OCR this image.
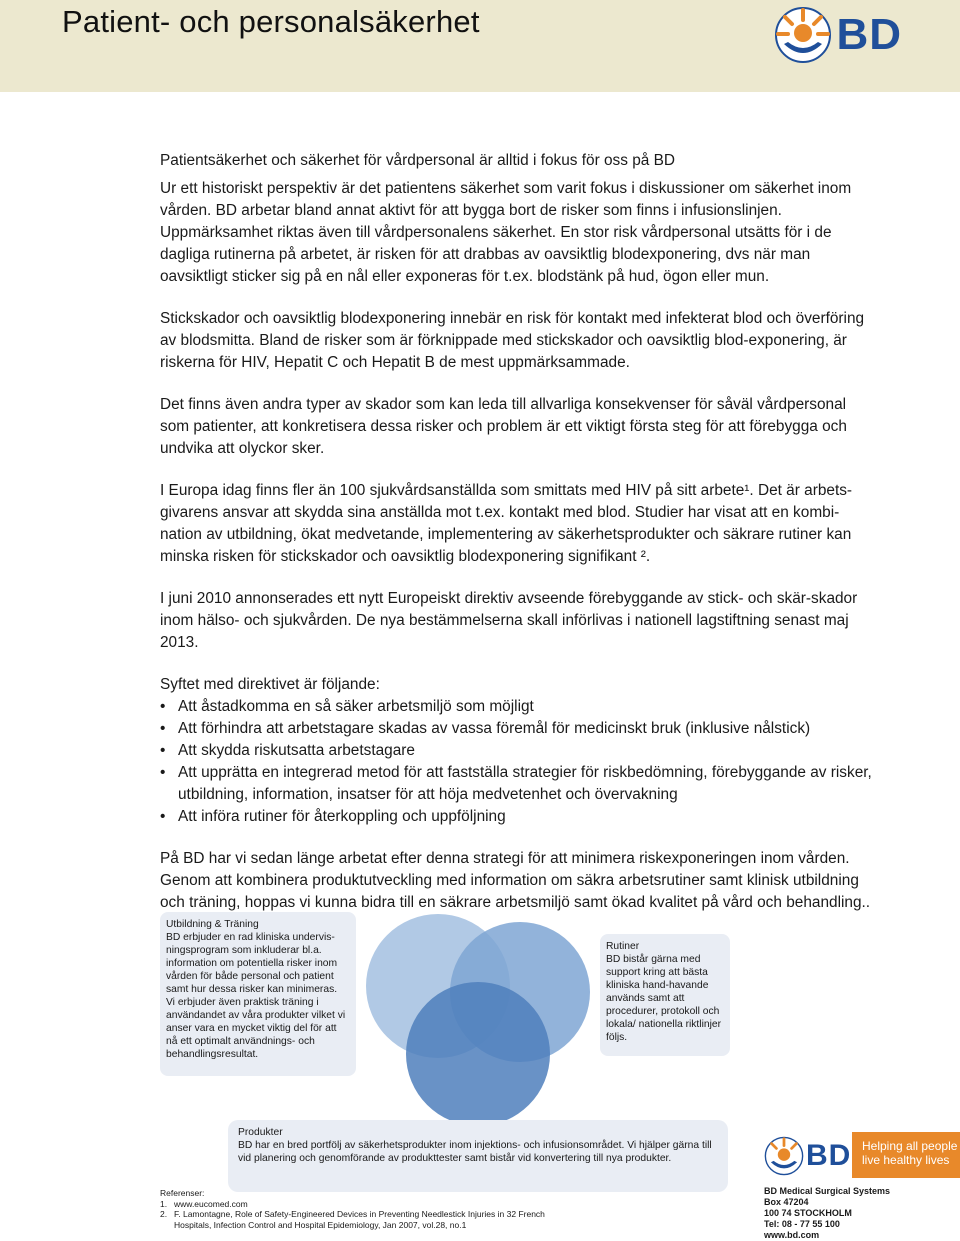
Patient- och personalsäkerhet	BD

Patientsäkerhet och säkerhet för vårdpersonal är alltid i fokus för oss på BD

Ur ett historiskt perspektiv är det patientens säkerhet som varit fokus i diskussioner om säkerhet inom vården. BD arbetar bland annat aktivt för att bygga bort de risker som finns i infusionslinjen. Uppmärksamhet riktas även till vårdpersonalens säkerhet. En stor risk vårdpersonal utsätts för i de dagliga rutinerna på arbetet, är risken för att drabbas av oavsiktlig blodexponering, dvs när man oavsiktligt sticker sig på en nål eller exponeras för t.ex. blodstänk på hud, ögon eller mun.

Stickskador och oavsiktlig blodexponering innebär en risk för kontakt med infekterat blod och överföring av blodsmitta. Bland de risker som är förknippade med stickskador och oavsiktlig blod-exponering, är riskerna för HIV, Hepatit C och Hepatit B de mest uppmärksammade.

Det finns även andra typer av skador som kan leda till allvarliga konsekvenser för såväl vårdpersonal som patienter, att konkretisera dessa risker och problem är ett viktigt första steg för att förebygga och undvika att olyckor sker.

I Europa idag finns fler än 100 sjukvårdsanställda som smittats med HIV på sitt arbete¹. Det är arbets-givarens ansvar att skydda sina anställda mot t.ex. kontakt med blod. Studier har visat att en kombi-nation av utbildning, ökat medvetande, implementering av säkerhetsprodukter och säkrare rutiner kan minska risken för stickskador och oavsiktlig blodexponering signifikant ².

I juni 2010 annonserades ett nytt Europeiskt direktiv avseende förebyggande av stick- och skär-skador inom hälso- och sjukvården. De nya bestämmelserna skall införlivas i nationell lagstiftning senast maj 2013.

Syftet med direktivet är följande:

• Att åstadkomma en så säker arbetsmiljö som möjligt
• Att förhindra att arbetstagare skadas av vassa föremål för medicinskt bruk (inklusive nålstick)
• Att skydda riskutsatta arbetstagare
• Att upprätta en integrerad metod för att fastställa strategier för riskbedömning, förebyggande av risker, utbildning, information, insatser för att höja medvetenhet och övervakning
• Att införa rutiner för återkoppling och uppföljning

På BD har vi sedan länge arbetat efter denna strategi för att minimera riskexponeringen inom vården. Genom att kombinera produktutveckling med information om säkra arbetsrutiner samt klinisk utbildning och träning, hoppas vi kunna bidra till en säkrare arbetsmiljö samt ökad kvalitet på vård och behandling..

Utbildning & Träning
BD erbjuder en rad kliniska undervis-ningsprogram som inkluderar bl.a. information om potentiella risker inom vården för både personal och patient samt hur dessa risker kan minimeras. Vi erbjuder även praktisk träning i användandet av våra produkter vilket vi anser vara en mycket viktig del för att nå ett optimalt användnings- och behandlingsresultat.
Rutiner
BD bistår gärna med support kring att bästa kliniska hand-havande används samt att procedurer, protokoll och lokala/ nationella riktlinjer följs.
Produkter
BD har en bred portfölj av säkerhetsprodukter inom injektions- och infusionsområdet. Vi hjälper gärna till vid planering och genomförande av produkttester samt bistår vid konvertering till nya produkter.	BD Helping all people
live healthy lives
Referenser:
1. www.eucomed.com
2. F. Lamontagne, Role of Safety-Engineered Devices in Preventing Needlestick Injuries in 32 French Hospitals, Infection Control and Hospital Epidemiology, Jan 2007, vol.28, no.1
BD Medical Surgical Systems
Box 47204
100 74 STOCKHOLM
Tel: 08 - 77 55 100
www.bd.com
